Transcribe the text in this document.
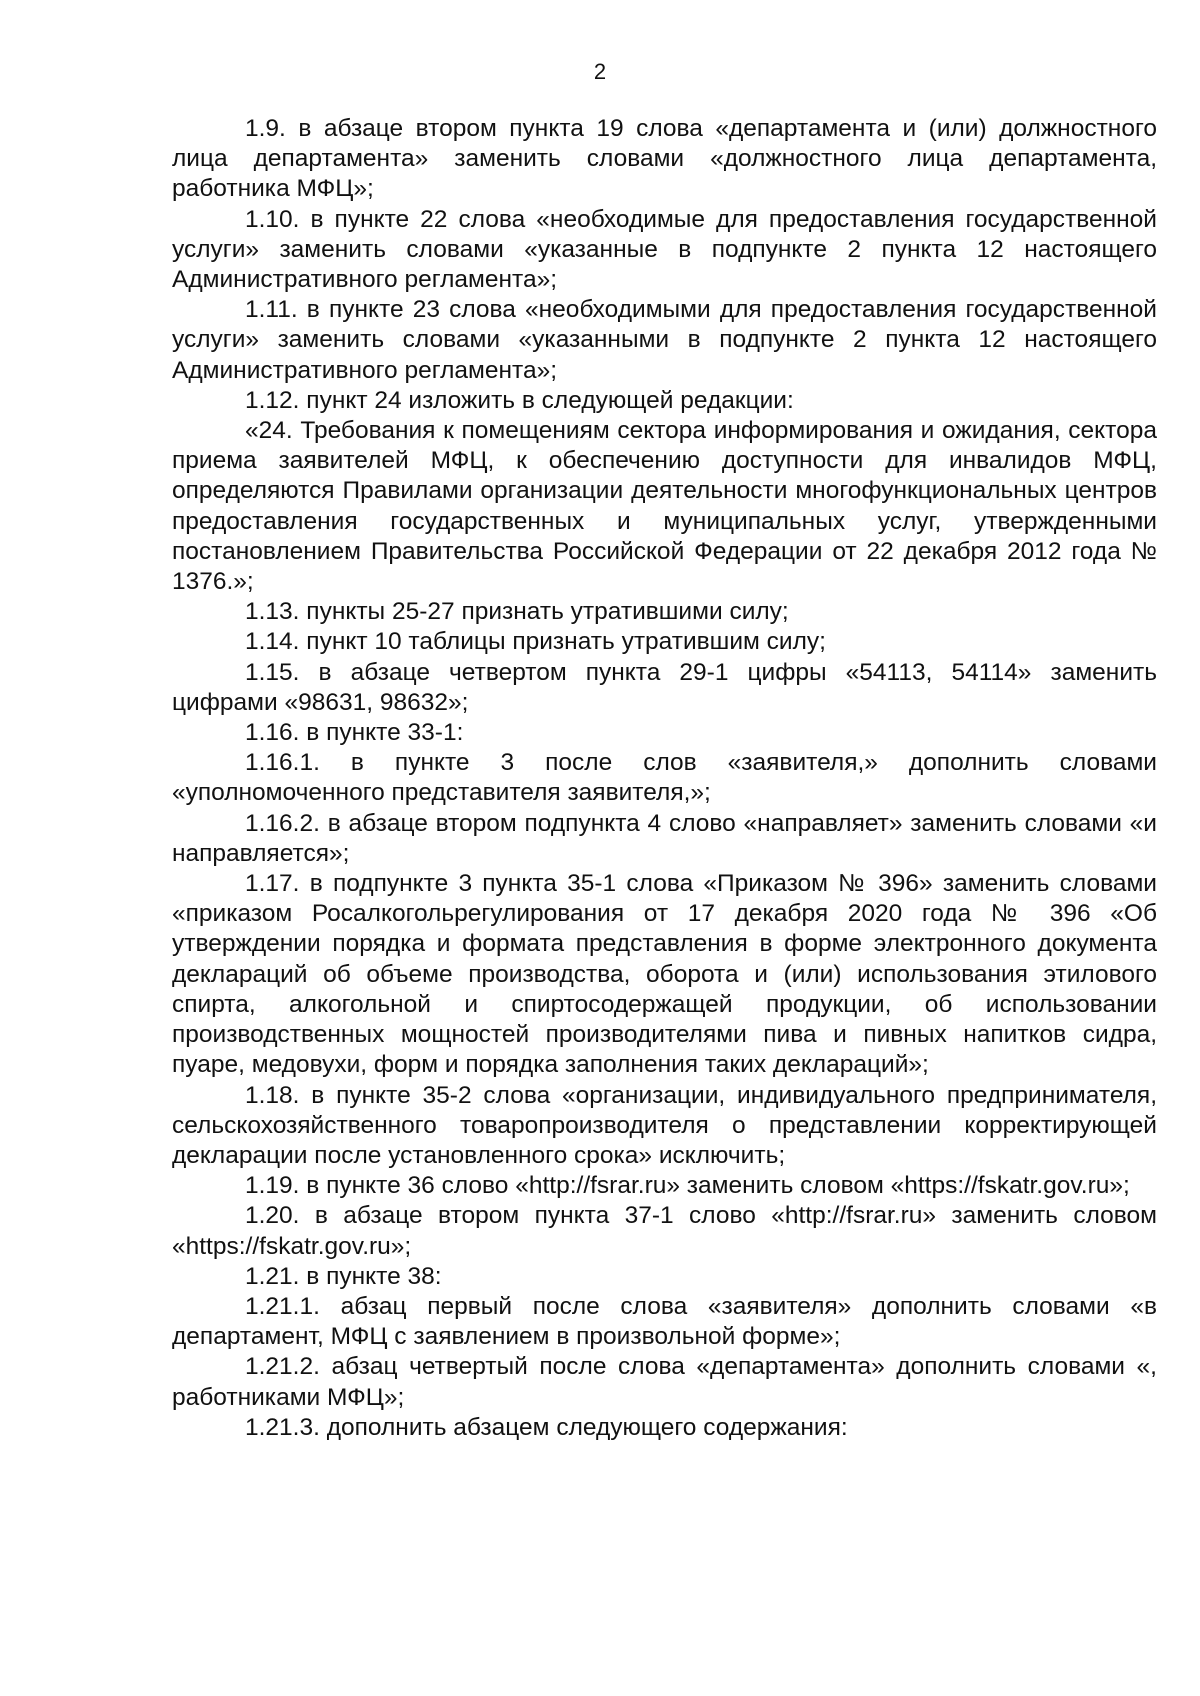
2

1.9. в абзаце втором пункта 19 слова «департамента и (или) должностного лица департамента» заменить словами «должностного лица департамента, работника МФЦ»;

1.10. в пункте 22 слова «необходимые для предоставления государственной услуги» заменить словами «указанные в подпункте 2 пункта 12 настоящего Административного регламента»;

1.11. в пункте 23 слова «необходимыми для предоставления государственной услуги» заменить словами «указанными в подпункте 2 пункта 12 настоящего Административного регламента»;

1.12. пункт 24 изложить в следующей редакции:

«24. Требования к помещениям сектора информирования и ожидания, сектора приема заявителей МФЦ, к обеспечению доступности для инвалидов МФЦ, определяются Правилами организации деятельности многофункциональных центров предоставления государственных и муниципальных услуг, утвержденными постановлением Правительства Российской Федерации от 22 декабря 2012 года № 1376.»;

1.13. пункты 25-27 признать утратившими силу;

1.14. пункт 10 таблицы признать утратившим силу;

1.15. в абзаце четвертом пункта 29-1 цифры «54113, 54114» заменить цифрами «98631, 98632»;

1.16. в пункте 33-1:

1.16.1. в пункте 3 после слов «заявителя,» дополнить словами «уполномоченного представителя заявителя,»;

1.16.2. в абзаце втором подпункта 4 слово «направляет» заменить словами «и направляется»;

1.17. в подпункте 3 пункта 35-1 слова «Приказом № 396» заменить словами «приказом Росалкогольрегулирования от 17 декабря 2020 года № 396 «Об утверждении порядка и формата представления в форме электронного документа деклараций об объеме производства, оборота и (или) использования этилового спирта, алкогольной и спиртосодержащей продукции, об использовании производственных мощностей производителями пива и пивных напитков сидра, пуаре, медовухи, форм и порядка заполнения таких деклараций»;

1.18. в пункте 35-2 слова «организации, индивидуального предпринимателя, сельскохозяйственного товаропроизводителя о представлении корректирующей декларации после установленного срока» исключить;

1.19. в пункте 36 слово «http://fsrar.ru» заменить словом «https://fskatr.gov.ru»;

1.20. в абзаце втором пункта 37-1 слово «http://fsrar.ru» заменить словом «https://fskatr.gov.ru»;

1.21. в пункте 38:

1.21.1. абзац первый после слова «заявителя» дополнить словами «в департамент, МФЦ с заявлением в произвольной форме»;

1.21.2. абзац четвертый после слова «департамента» дополнить словами «, работниками МФЦ»;

1.21.3. дополнить абзацем следующего содержания:
